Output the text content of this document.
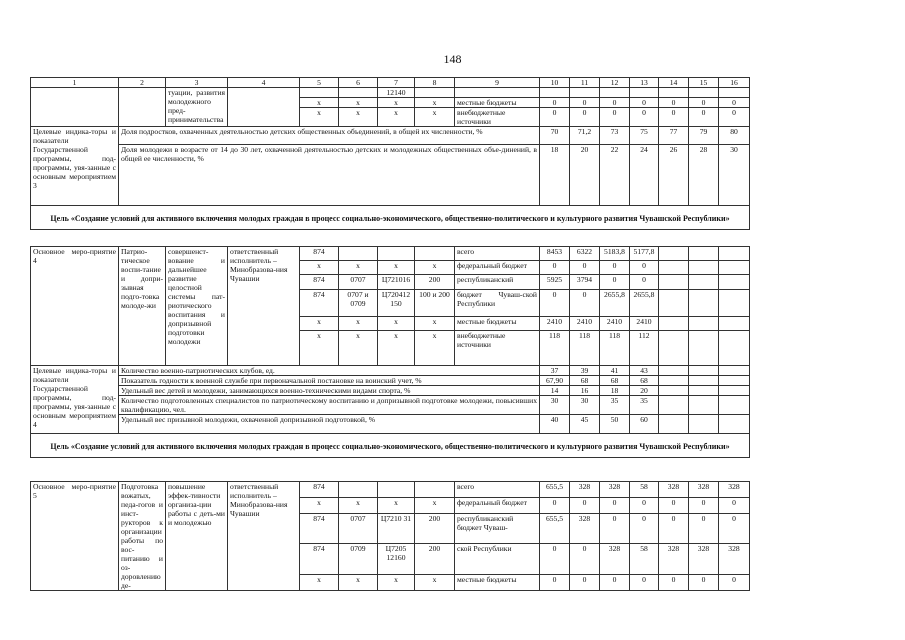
148
1	2	3	4	5	6	7	8	9	10	11	12	13	14	15	16
		туации, развития молодежного пред-принимательства				12140									
				x	x	x	x	местные бюджеты	0	0	0	0	0	0	0
				x	x	x	x	внебюджетные источники	0	0	0	0	0	0	0
Целевые индика-торы и показатели Государственной программы, под-программы, увя-занные с основным мероприятием 3	Доля подростков, охваченных деятельностью детских общественных объединений, в общей их численности, %								70	71,2	73	75	77	79	80
	Доля молодежи в возрасте от 14 до 30 лет, охваченной деятельностью детских и молодежных общественных объе-динений, в общей ее численности, %								18	20	22	24	26	28	30
Цель «Создание условий для активного включения молодых граждан в процесс социально-экономического, общественно-политического и культурного развития Чувашской Республики»															
Основное меро-приятие 4	Патрио-тическое воспи-тание и допри-зывная подго-товка молоде-жи	совершенст-вование и дальнейшее развитие целостной системы пат-риотического воспитания и допризывной подготовки молодежи	ответственный исполнитель – Минобразова-ния Чувашии	874				всего	8453	6322	5183,8	5177,8			
				x	x	x	x	федеральный бюджет	0	0	0	0			
				874	0707	Ц721016	200	республиканский	5925	3794	0	0			
				874	0707 и 0709	Ц720412 150	100 и 200	бюджет Чуваш-ской Республики	0	0	2655,8	2655,8			
				x	x	x	x	местные бюджеты	2410	2410	2410	2410			
				x	x	x	x	внебюджетные источники	118	118	118	112			
Целевые индика-торы и показатели Государственной программы, под-программы, увя-занные с основным мероприятием 4	Количество военно-патриотических клубов, ед.								37	39	41	43			
	Показатель годности к военной службе при первоначальной постановке на воинский учет, %								67,90	68	68	68			
	Удельный вес детей и молодежи, занимающихся военно-техническими видами спорта, %								14	16	18	20			
	Количество подготовленных специалистов по патриотическому воспитанию и допризывной подготовке молодежи, повысивших квалификацию, чел.								30	30	35	35			
	Удельный вес призывной молодежи, охваченной допризывной подготовкой, %								40	45	50	60			
Цель «Создание условий для активного включения молодых граждан в процесс социально-экономического, общественно-политического и культурного развития Чувашской Республики»															
Основное меро-приятие 5	Подготовка вожатых, педа-гогов и инст-рукторов к организации работы по вос-питанию и оз-доровлению де-	повышение эффек-тивности организа-ции работы с деть-ми и молодежью	ответственный исполнитель – Минобразова-ния Чувашии	874				всего	655,5	328	328	58	328	328	328
				x	x	x	x	федеральный бюджет	0	0	0	0	0	0	0
				874	0707	Ц7210 31	200	республиканский бюджет Чуваш-	655,5	328	0	0	0	0	0
				874	0709	Ц7205 12160	200	ской Республики	0	0	328	58	328	328	328
				x	x	x	x	местные бюджеты	0	0	0	0	0	0	0
